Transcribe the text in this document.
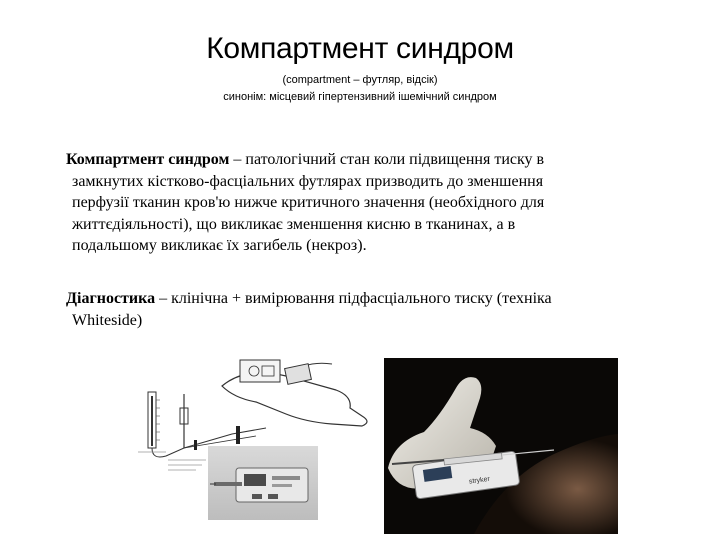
Компартмент синдром
(compartment – футляр, відсік)
синонім: місцевий гіпертензивний ішемічний синдром
Компартмент синдром – патологічний стан коли підвищення тиску в
замкнутих кістково-фасціальних футлярах призводить до зменшення
перфузії тканин кров'ю нижче критичного значення (необхідного для
життєдіяльності), що викликає зменшення кисню в тканинах, а в
подальшому викликає їх загибель (некроз).
Діагностика – клінічна + вимірювання підфасціального тиску (техніка
Whiteside)
stryker
